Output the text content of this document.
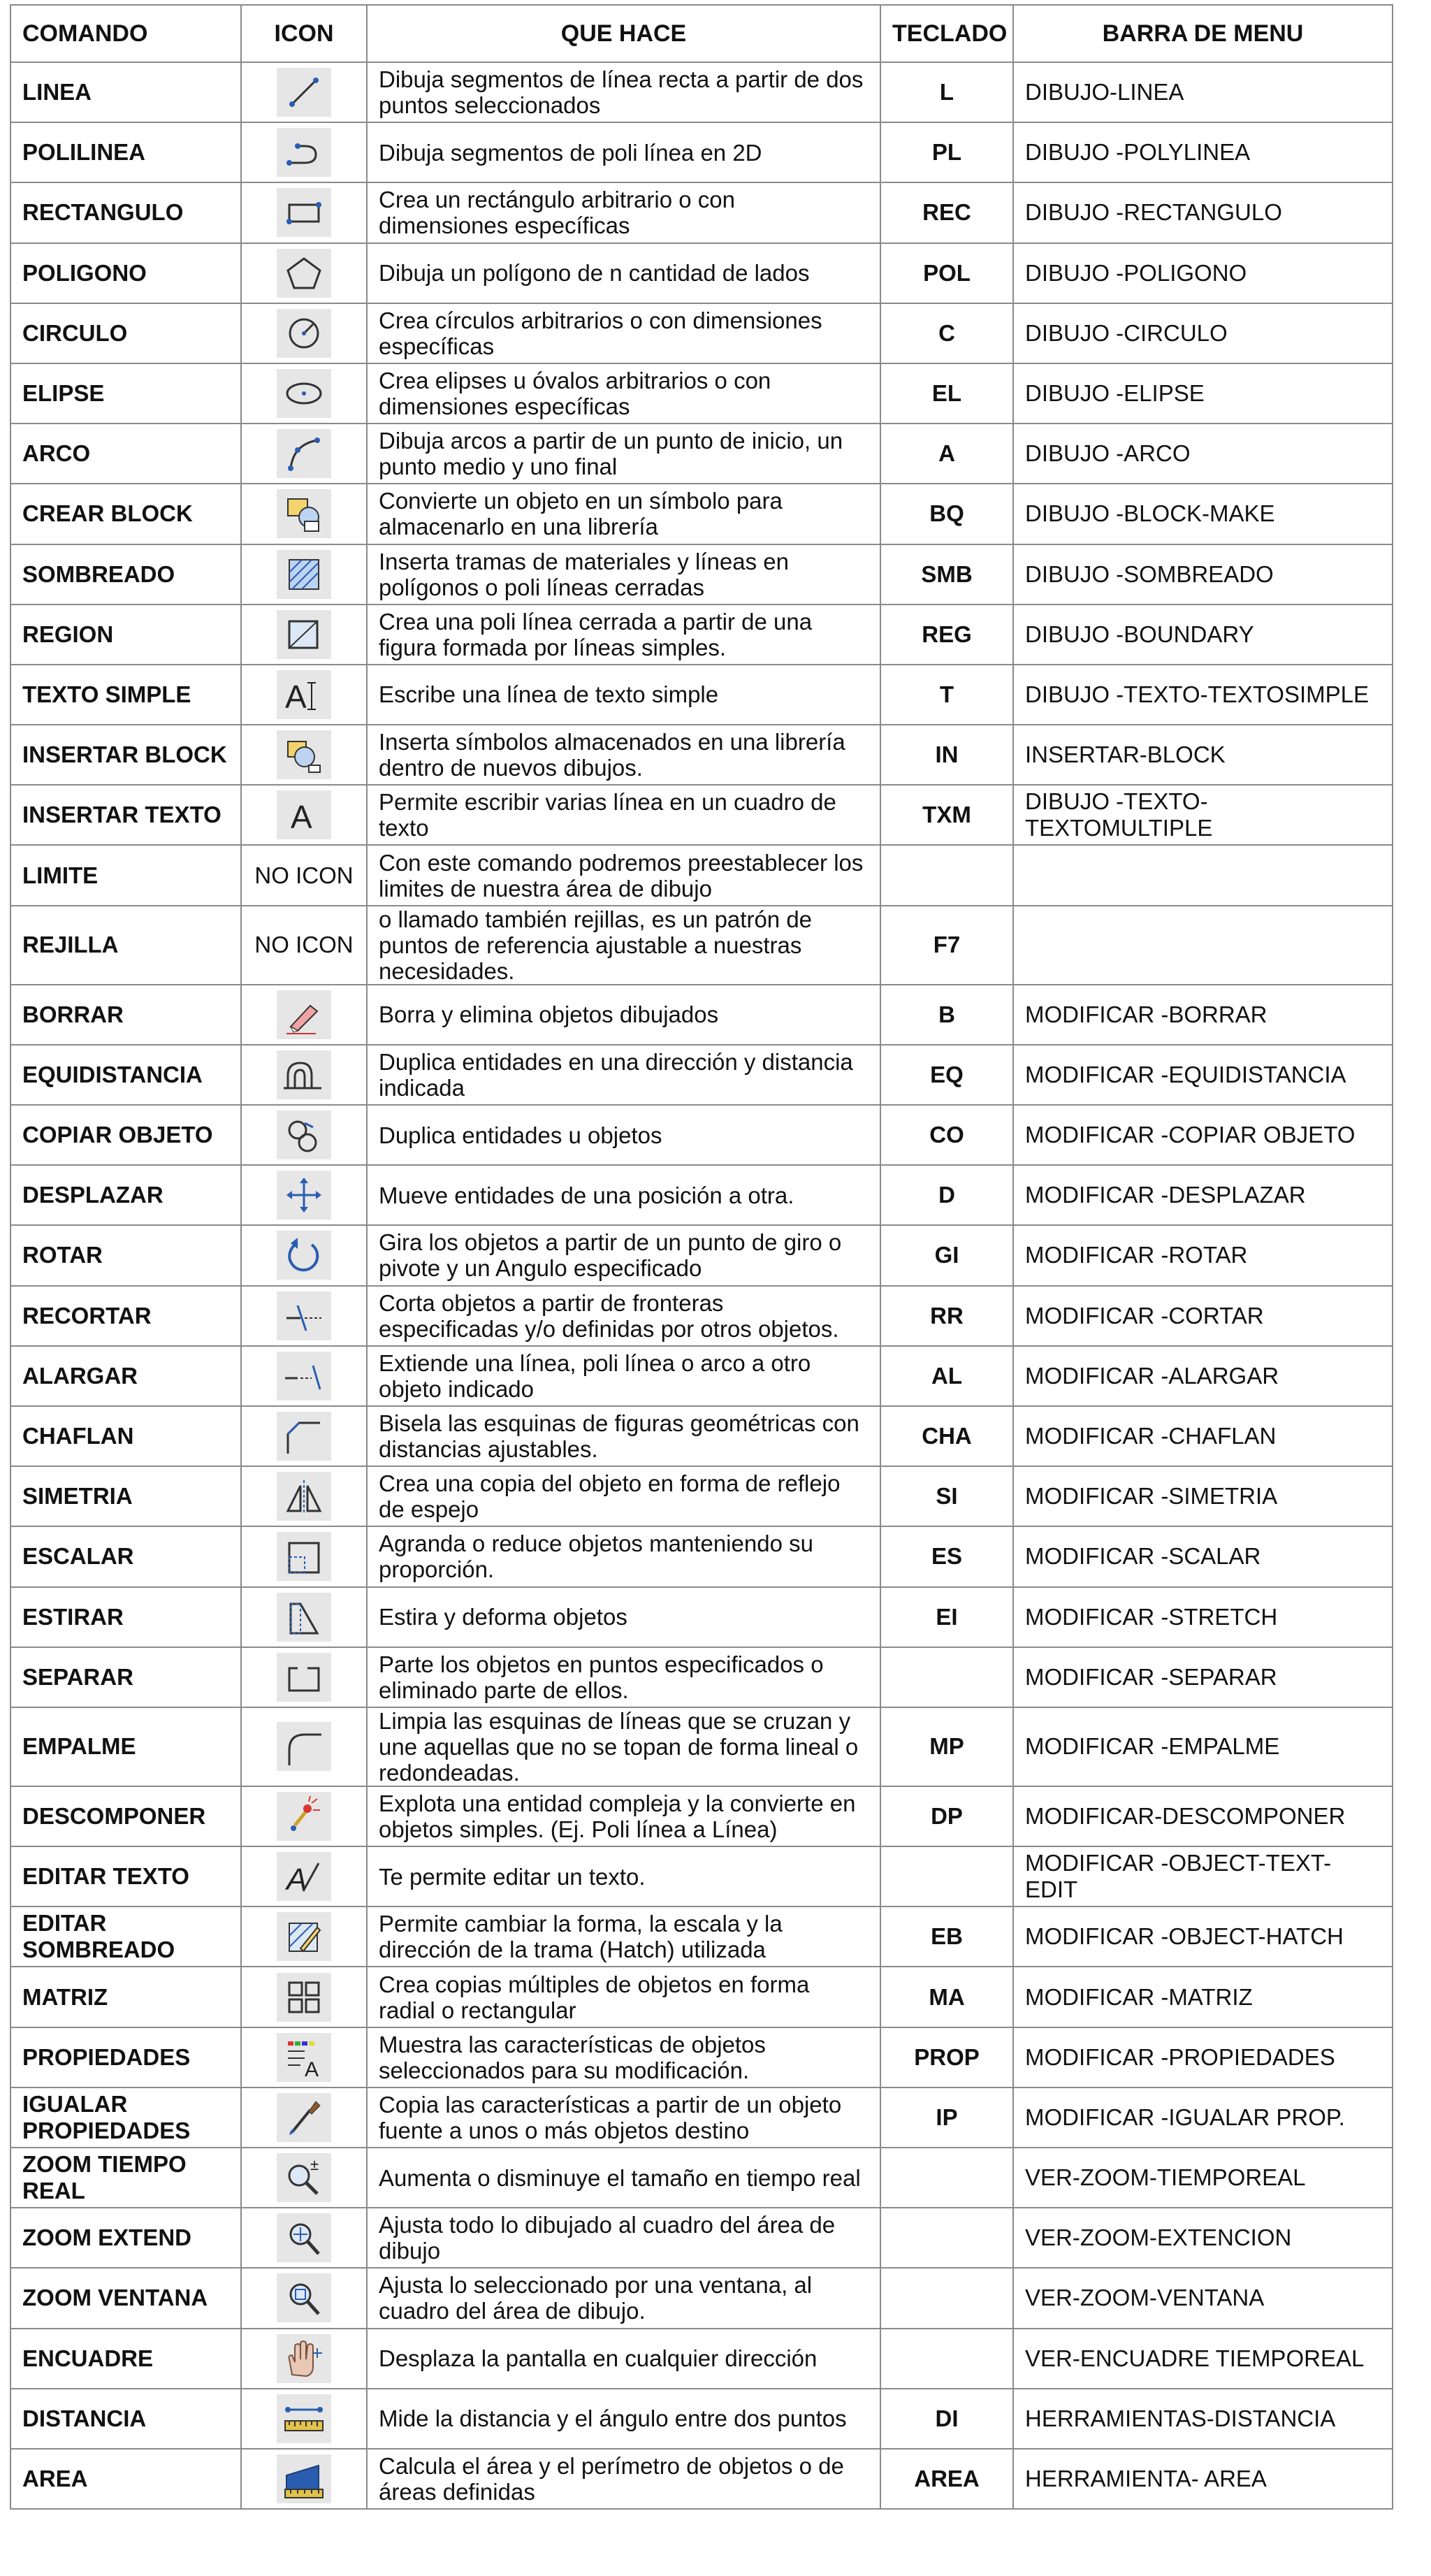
COMANDO	ICON	QUE HACE	TECLADO	BARRA DE MENU
LINEA		Dibuja segmentos de línea recta a partir de dos puntos seleccionados	L	DIBUJO-LINEA
POLILINEA		Dibuja segmentos de poli línea en 2D	PL	DIBUJO -POLYLINEA
RECTANGULO		Crea un rectángulo arbitrario o con dimensiones específicas	REC	DIBUJO -RECTANGULO
POLIGONO		Dibuja un polígono de n cantidad de lados	POL	DIBUJO -POLIGONO
CIRCULO		Crea círculos arbitrarios o con dimensiones específicas	C	DIBUJO -CIRCULO
ELIPSE		Crea elipses u óvalos arbitrarios o con dimensiones específicas	EL	DIBUJO -ELIPSE
ARCO		Dibuja arcos a partir de un punto de inicio, un punto medio y uno final	A	DIBUJO -ARCO
CREAR BLOCK		Convierte un objeto en un símbolo para almacenarlo en una librería	BQ	DIBUJO -BLOCK-MAKE
SOMBREADO		Inserta tramas de materiales y líneas en polígonos o poli líneas cerradas	SMB	DIBUJO -SOMBREADO
REGION		Crea una poli línea cerrada a partir de una figura formada por líneas simples.	REG	DIBUJO -BOUNDARY
TEXTO SIMPLE	A	Escribe una línea de texto simple	T	DIBUJO -TEXTO-TEXTOSIMPLE
INSERTAR BLOCK		Inserta símbolos almacenados en una librería dentro de nuevos dibujos.	IN	INSERTAR-BLOCK
INSERTAR TEXTO	A	Permite escribir varias línea en un cuadro de texto	TXM	DIBUJO -TEXTO-TEXTOMULTIPLE
LIMITE	NO ICON	Con este comando podremos preestablecer los limites de nuestra área de dibujo		
REJILLA	NO ICON	o llamado también rejillas, es un patrón de puntos de referencia ajustable a nuestras necesidades.	F7	
BORRAR		Borra y elimina objetos dibujados	B	MODIFICAR -BORRAR
EQUIDISTANCIA		Duplica entidades en una dirección y distancia indicada	EQ	MODIFICAR -EQUIDISTANCIA
COPIAR OBJETO		Duplica entidades u objetos	CO	MODIFICAR -COPIAR OBJETO
DESPLAZAR		Mueve entidades de una posición a otra.	D	MODIFICAR -DESPLAZAR
ROTAR		Gira los objetos a partir de un punto de giro o pivote y un Angulo especificado	GI	MODIFICAR -ROTAR
RECORTAR		Corta objetos a partir de fronteras especificadas y/o definidas por otros objetos.	RR	MODIFICAR -CORTAR
ALARGAR		Extiende una línea, poli línea o arco a otro objeto indicado	AL	MODIFICAR -ALARGAR
CHAFLAN		Bisela las esquinas de figuras geométricas con distancias ajustables.	CHA	MODIFICAR -CHAFLAN
SIMETRIA		Crea una copia del objeto en forma de reflejo de espejo	SI	MODIFICAR -SIMETRIA
ESCALAR		Agranda o reduce objetos manteniendo su proporción.	ES	MODIFICAR -SCALAR
ESTIRAR		Estira y deforma objetos	EI	MODIFICAR -STRETCH
SEPARAR		Parte los objetos en puntos especificados o eliminado parte de ellos.		MODIFICAR -SEPARAR
EMPALME		Limpia las esquinas de líneas que se cruzan y une aquellas que no se topan de forma lineal o redondeadas.	MP	MODIFICAR -EMPALME
DESCOMPONER		Explota una entidad compleja y la convierte en objetos simples. (Ej. Poli línea a Línea)	DP	MODIFICAR-DESCOMPONER
EDITAR TEXTO	A	Te permite editar un texto.		MODIFICAR -OBJECT-TEXT-EDIT
EDITAR SOMBREADO		Permite cambiar la forma, la escala y la dirección de la trama (Hatch) utilizada	EB	MODIFICAR -OBJECT-HATCH
MATRIZ		Crea copias múltiples de objetos en forma radial o rectangular	MA	MODIFICAR -MATRIZ
PROPIEDADES	A	Muestra las características de objetos seleccionados para su modificación.	PROP	MODIFICAR -PROPIEDADES
IGUALAR PROPIEDADES		Copia las características a partir de un objeto fuente a unos o más objetos destino	IP	MODIFICAR -IGUALAR PROP.
ZOOM TIEMPO REAL	±	Aumenta o disminuye el tamaño en tiempo real		VER-ZOOM-TIEMPOREAL
ZOOM EXTEND		Ajusta todo lo dibujado al cuadro del área de dibujo		VER-ZOOM-EXTENCION
ZOOM VENTANA		Ajusta lo seleccionado por una ventana, al cuadro del área de dibujo.		VER-ZOOM-VENTANA
ENCUADRE		Desplaza la pantalla en cualquier dirección		VER-ENCUADRE TIEMPOREAL
DISTANCIA		Mide la distancia y el ángulo entre dos puntos	DI	HERRAMIENTAS-DISTANCIA
AREA		Calcula el área y el perímetro de objetos o de áreas definidas	AREA	HERRAMIENTA- AREA
